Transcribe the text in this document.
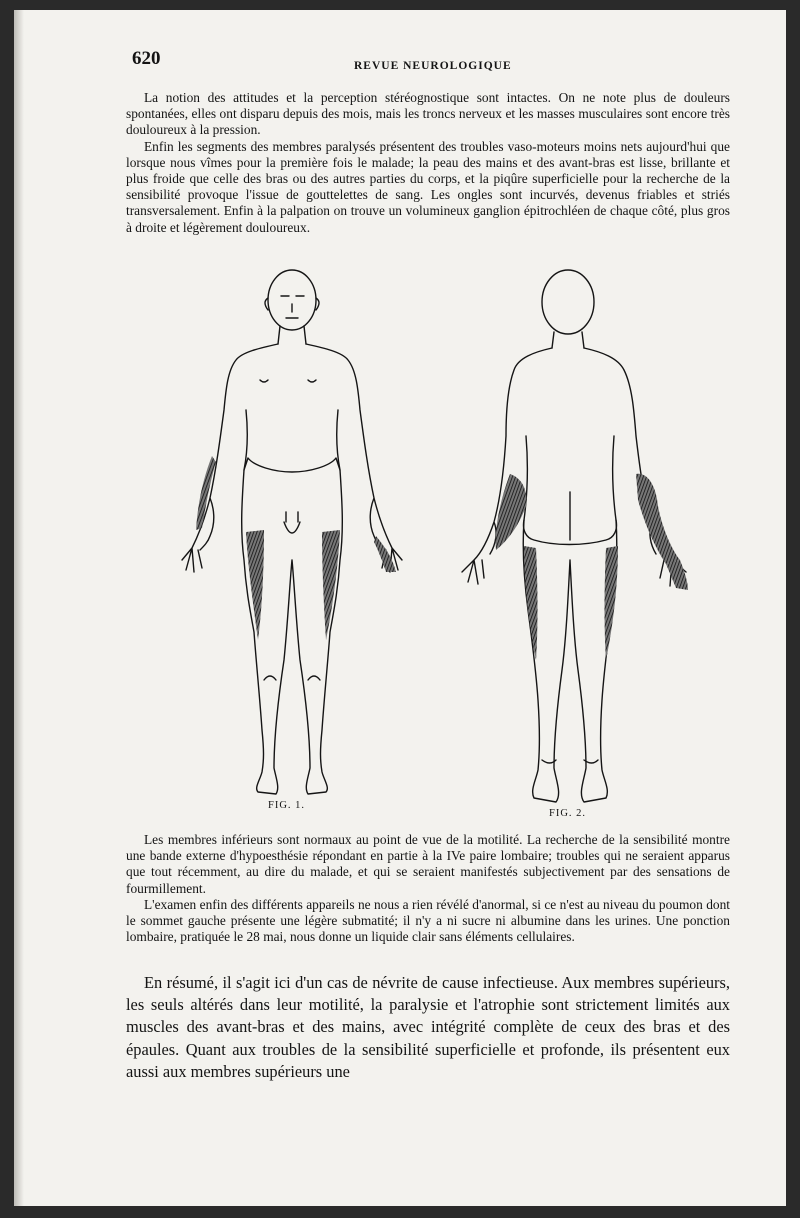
620	REVUE NEUROLOGIQUE

La notion des attitudes et la perception stéréognostique sont intactes. On ne note plus de douleurs spontanées, elles ont disparu depuis des mois, mais les troncs nerveux et les masses musculaires sont encore très douloureux à la pression.

Enfin les segments des membres paralysés présentent des troubles vaso-moteurs moins nets aujourd'hui que lorsque nous vîmes pour la première fois le malade; la peau des mains et des avant-bras est lisse, brillante et plus froide que celle des bras ou des autres parties du corps, et la piqûre superficielle pour la recherche de la sensibilité provoque l'issue de gouttelettes de sang. Les ongles sont incurvés, devenus friables et striés transversalement. Enfin à la palpation on trouve un volumineux ganglion épitrochléen de chaque côté, plus gros à droite et légèrement douloureux.

FIG. 1.
FIG. 2.

Les membres inférieurs sont normaux au point de vue de la motilité. La recherche de la sensibilité montre une bande externe d'hypoesthésie répondant en partie à la IVe paire lombaire; troubles qui ne seraient apparus que tout récemment, au dire du malade, et qui se seraient manifestés subjectivement par des sensations de fourmillement.

L'examen enfin des différents appareils ne nous a rien révélé d'anormal, si ce n'est au niveau du poumon dont le sommet gauche présente une légère submatité; il n'y a ni sucre ni albumine dans les urines. Une ponction lombaire, pratiquée le 28 mai, nous donne un liquide clair sans éléments cellulaires.

En résumé, il s'agit ici d'un cas de névrite de cause infectieuse. Aux membres supérieurs, les seuls altérés dans leur motilité, la paralysie et l'atrophie sont strictement limités aux muscles des avant-bras et des mains, avec intégrité complète de ceux des bras et des épaules. Quant aux troubles de la sensibilité superficielle et profonde, ils présentent eux aussi aux membres supérieurs une
